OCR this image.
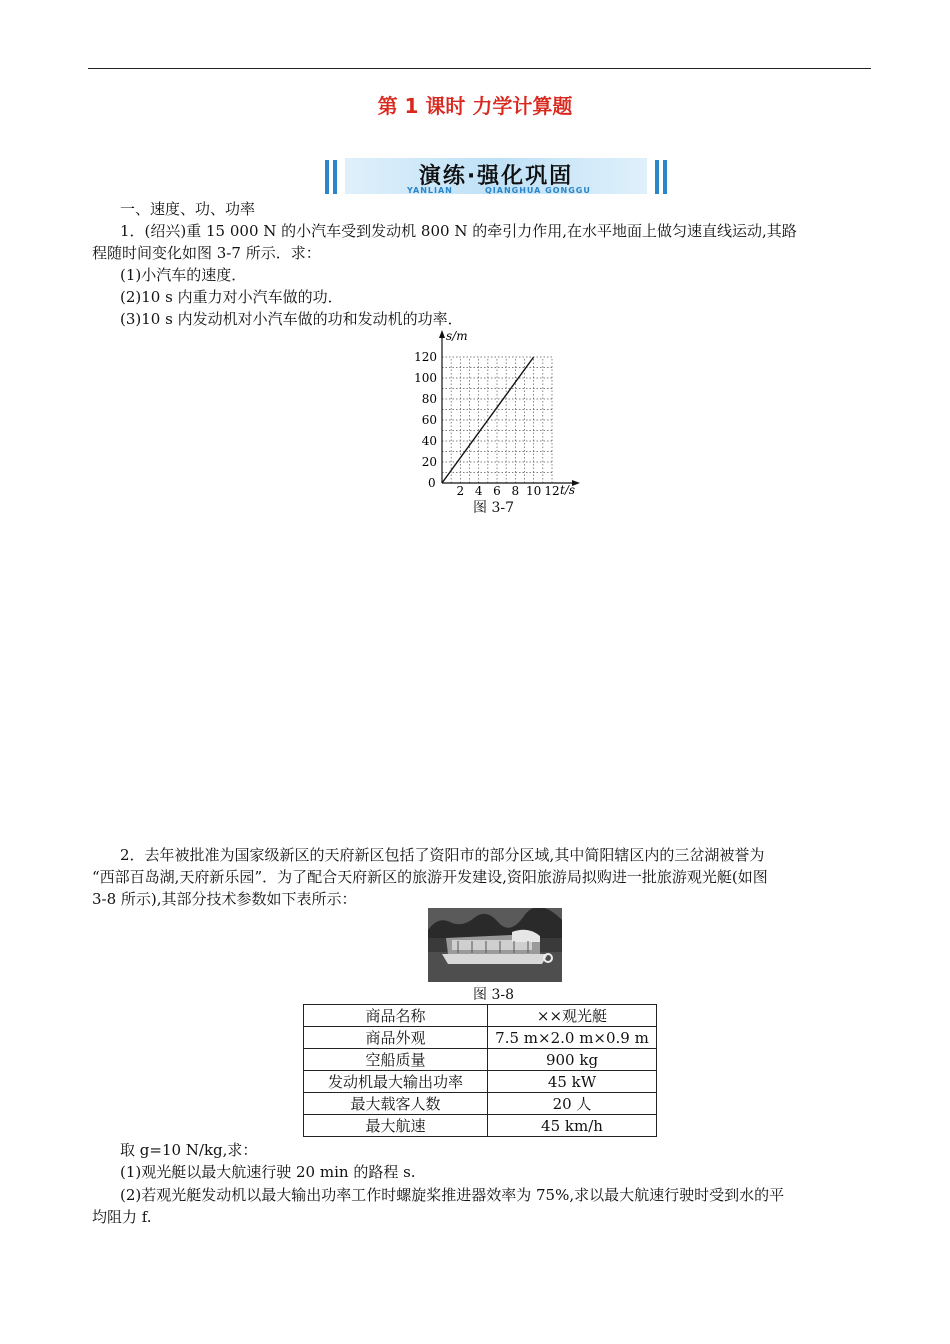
第 1 课时 力学计算题
演练·强化巩固
YANLIAN	QIANGHUA GONGGU
一、速度、功、功率
1．(绍兴)重 15 000 N 的小汽车受到发动机 800 N 的牵引力作用,在水平地面上做匀速直线运动,其路
程随时间变化如图 3-7 所示．求：
(1)小汽车的速度．
(2)10 s 内重力对小汽车做的功．
(3)10 s 内发动机对小汽车做的功和发动机的功率．
2 4 6 8 10 12
20
40
60
80
100
120
s/m
t/s
0
图 3-7
2．去年被批准为国家级新区的天府新区包括了资阳市的部分区域,其中简阳辖区内的三岔湖被誉为
“西部百岛湖,天府新乐园”．为了配合天府新区的旅游开发建设,资阳旅游局拟购进一批旅游观光艇(如图
3-8 所示),其部分技术参数如下表所示：
图 3-8
商品名称	××观光艇
商品外观	7.5 m×2.0 m×0.9 m
空船质量	900 kg
发动机最大输出功率	45 kW
最大载客人数	20 人
最大航速	45 km/h
取 g=10 N/kg,求：
(1)观光艇以最大航速行驶 20 min 的路程 s.
(2)若观光艇发动机以最大输出功率工作时螺旋桨推进器效率为 75%,求以最大航速行驶时受到水的平
均阻力 f.
